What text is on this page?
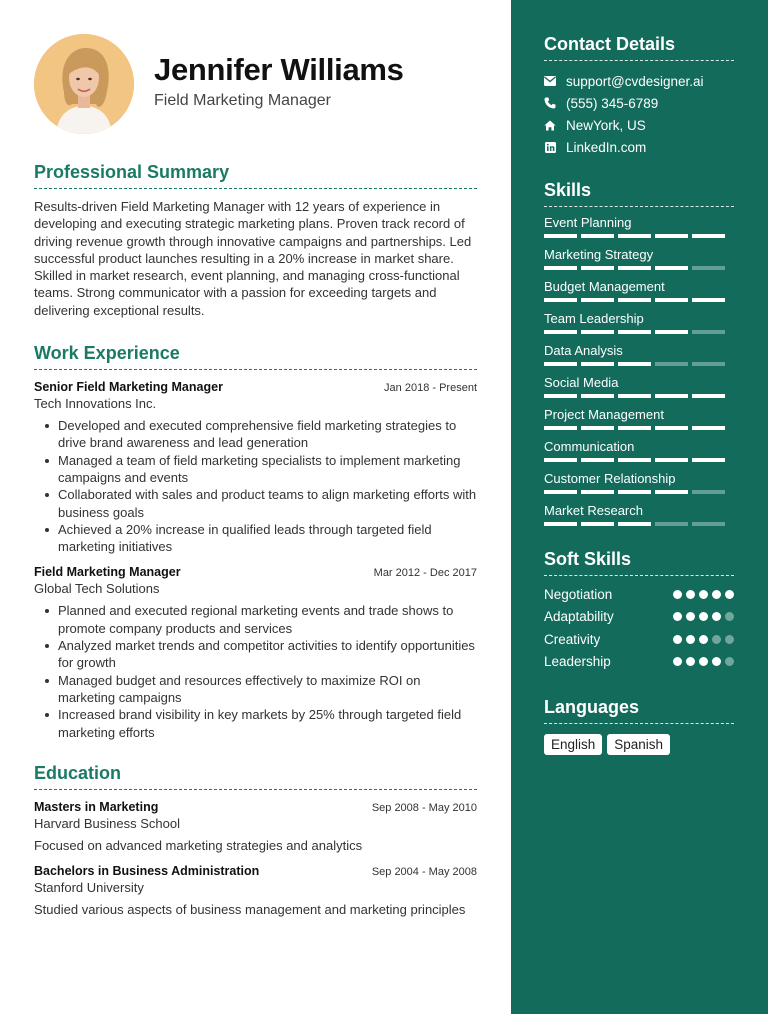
Jennifer Williams
Field Marketing Manager
Professional Summary

Results-driven Field Marketing Manager with 12 years of experience in developing and executing strategic marketing plans. Proven track record of driving revenue growth through innovative campaigns and partnerships. Led successful product launches resulting in a 20% increase in market share. Skilled in market research, event planning, and managing cross-functional teams. Strong communicator with a passion for exceeding targets and delivering exceptional results.

Work Experience
Senior Field Marketing Manager	Jan 2018 - Present
Tech Innovations Inc.
Developed and executed comprehensive field marketing strategies to drive brand awareness and lead generation
Managed a team of field marketing specialists to implement marketing campaigns and events
Collaborated with sales and product teams to align marketing efforts with business goals
Achieved a 20% increase in qualified leads through targeted field marketing initiatives
Field Marketing Manager	Mar 2012 - Dec 2017
Global Tech Solutions
Planned and executed regional marketing events and trade shows to promote company products and services
Analyzed market trends and competitor activities to identify opportunities for growth
Managed budget and resources effectively to maximize ROI on marketing campaigns
Increased brand visibility in key markets by 25% through targeted field marketing efforts
Education
Masters in Marketing	Sep 2008 - May 2010
Harvard Business School
Focused on advanced marketing strategies and analytics
Bachelors in Business Administration	Sep 2004 - May 2008
Stanford University
Studied various aspects of business management and marketing principles
Contact Details
support@cvdesigner.ai
(555) 345-6789
NewYork, US
LinkedIn.com
Skills
Event Planning
Marketing Strategy
Budget Management
Team Leadership
Data Analysis
Social Media
Project Management
Communication
Customer Relationship
Market Research
Soft Skills
Negotiation
Adaptability
Creativity
Leadership
Languages
English	Spanish
